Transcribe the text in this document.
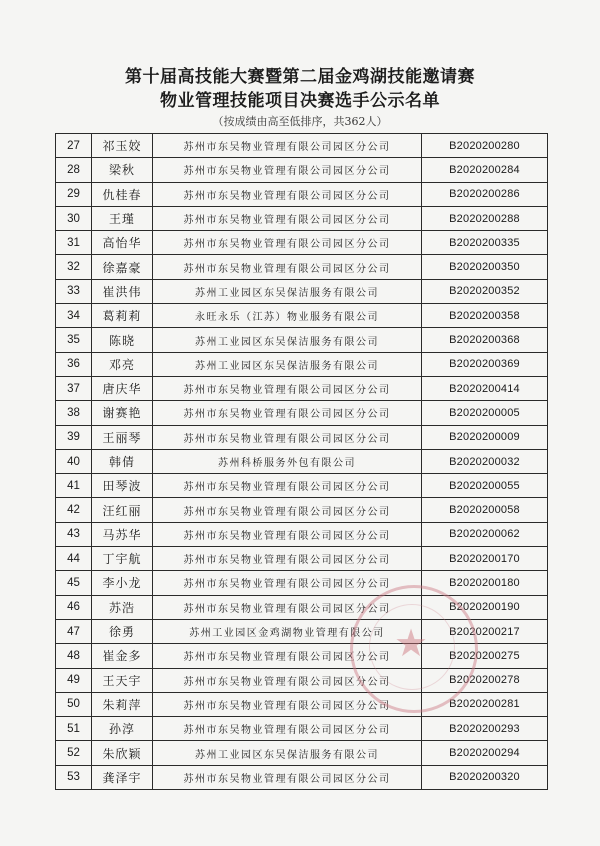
第十届高技能大赛暨第二届金鸡湖技能邀请赛
物业管理技能项目决赛选手公示名单
（按成绩由高至低排序，共362人）
27	祁玉姣	苏州市东吴物业管理有限公司园区分公司	B2020200280
28	梁秋	苏州市东吴物业管理有限公司园区分公司	B2020200284
29	仇桂春	苏州市东吴物业管理有限公司园区分公司	B2020200286
30	王瑾	苏州市东吴物业管理有限公司园区分公司	B2020200288
31	高怡华	苏州市东吴物业管理有限公司园区分公司	B2020200335
32	徐嘉豪	苏州市东吴物业管理有限公司园区分公司	B2020200350
33	崔洪伟	苏州工业园区东吴保洁服务有限公司	B2020200352
34	葛莉莉	永旺永乐（江苏）物业服务有限公司	B2020200358
35	陈晓	苏州工业园区东吴保洁服务有限公司	B2020200368
36	邓亮	苏州工业园区东吴保洁服务有限公司	B2020200369
37	唐庆华	苏州市东吴物业管理有限公司园区分公司	B2020200414
38	谢赛艳	苏州市东吴物业管理有限公司园区分公司	B2020200005
39	王丽琴	苏州市东吴物业管理有限公司园区分公司	B2020200009
40	韩倩	苏州科桥服务外包有限公司	B2020200032
41	田琴波	苏州市东吴物业管理有限公司园区分公司	B2020200055
42	汪红丽	苏州市东吴物业管理有限公司园区分公司	B2020200058
43	马苏华	苏州市东吴物业管理有限公司园区分公司	B2020200062
44	丁宇航	苏州市东吴物业管理有限公司园区分公司	B2020200170
45	李小龙	苏州市东吴物业管理有限公司园区分公司	B2020200180
46	苏浩	苏州市东吴物业管理有限公司园区分公司	B2020200190
47	徐勇	苏州工业园区金鸡湖物业管理有限公司	B2020200217
48	崔金多	苏州市东吴物业管理有限公司园区分公司	B2020200275
49	王天宇	苏州市东吴物业管理有限公司园区分公司	B2020200278
50	朱莉萍	苏州市东吴物业管理有限公司园区分公司	B2020200281
51	孙淳	苏州市东吴物业管理有限公司园区分公司	B2020200293
52	朱欣颖	苏州工业园区东吴保洁服务有限公司	B2020200294
53	龚泽宇	苏州市东吴物业管理有限公司园区分公司	B2020200320
★
